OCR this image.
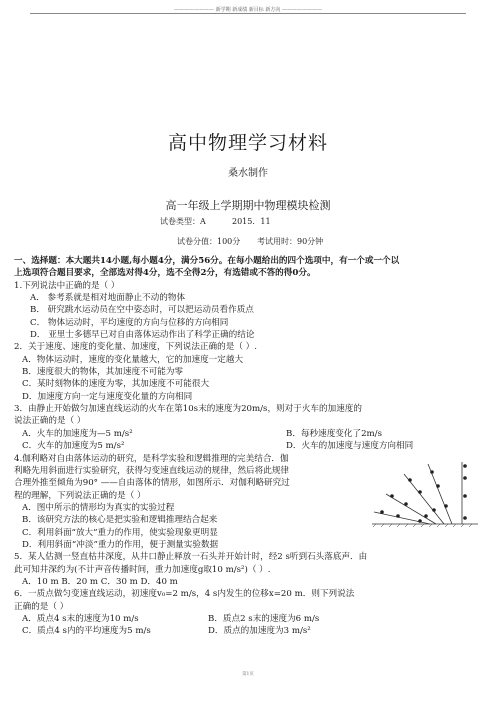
———————— 新学期 新成绩 新目标 新方向 ————————
高中物理学习材料
桑水制作
高一年级上学期期中物理模块检测
试卷类型：A	2015．11
试卷分值：100分 考试用时：90分钟
一、选择题：本大题共14小题,每小题4分，满分56分。在每小题给出的四个选项中，有一个或一个以
上选项符合题目要求，全部选对得4分，选不全得2分，有选错或不答的得0分。
1.下列说法中正确的是（ ）
A． 参考系就是相对地面静止不动的物体
B． 研究跳水运动员在空中姿态时，可以把运动员看作质点
C． 物体运动时，平均速度的方向与位移的方向相同
D． 亚里士多德早已对自由落体运动作出了科学正确的结论
2．关于速度、速度的变化量、加速度，下列说法正确的是（ ）.
A．物体运动时，速度的变化量越大，它的加速度一定越大
B．速度很大的物体，其加速度不可能为零
C．某时刻物体的速度为零，其加速度不可能很大
D．加速度方向一定与速度变化量的方向相同
3．由静止开始做匀加速直线运动的火车在第10s末的速度为20m/s，则对于火车的加速度的
说法正确的是（ ）
A．火车的加速度为—5 m/s²	B．每秒速度变化了2m/s
C．火车的加速度为5 m/s²	D．火车的加速度与速度方向相同
4.伽利略对自由落体运动的研究，是科学实验和逻辑推理的完美结合．伽
利略先用斜面进行实验研究，获得匀变速直线运动的规律，然后将此规律
合理外推至倾角为90° ——自由落体的情形，如图所示．对伽利略研究过
程的理解，下列说法正确的是（ ）
A．图中所示的情形均为真实的实验过程
B．该研究方法的核心是把实验和逻辑推理结合起来
C．利用斜面“放大”重力的作用，使实验现象更明显
D．利用斜面“冲淡”重力的作用，便于测量实验数据
5．某人估测一竖直枯井深度，从井口静止释放一石头并开始计时，经2 s听到石头落底声．由
此可知井深约为(不计声音传播时间，重力加速度g取10 m/s²)（ ）.
A．10 m B．20 m C．30 m D．40 m
6．一质点做匀变速直线运动，初速度v₀=2 m/s，4 s内发生的位移x=20 m．则下列说法
正确的是（ ）
A．质点4 s末的速度为10 m/s	B．质点2 s末的速度为6 m/s
C．质点4 s内的平均速度为5 m/s	D．质点的加速度为3 m/s²
第1页
